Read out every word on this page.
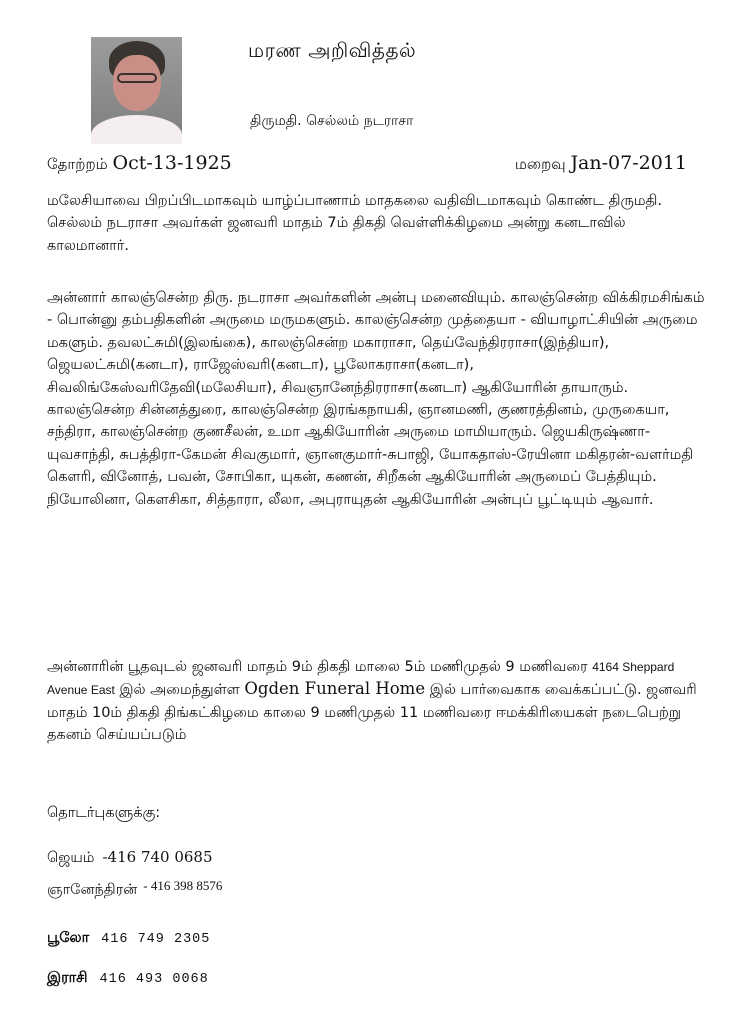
மரண அறிவித்தல்
திருமதி. செல்லம் நடராசா
தோற்றம் Oct-13-1925	மறைவு Jan-07-2011

மலேசியாவை பிறப்பிடமாகவும் யாழ்ப்பாணாம் மாதகலை வதிவிடமாகவும் கொண்ட திருமதி. செல்லம் நடராசா அவர்கள் ஜனவரி மாதம் 7ம் திகதி வெள்ளிக்கிழமை அன்று கனடாவில் காலமானார்.

அன்னார் காலஞ்சென்ற திரு. நடராசா அவர்களின் அன்பு மனைவியும். காலஞ்சென்ற விக்கிரமசிங்கம் - பொன்னு தம்பதிகளின் அருமை மருமகளும். காலஞ்சென்ற முத்தையா - வியாழாட்சியின் அருமை மகளும். தவலட்சுமி(இலங்கை), காலஞ்சென்ற மகாராசா, தெய்வேந்திரராசா(இந்தியா), ஜெயலட்சுமி(கனடா), ராஜேஸ்வரி(கனடா), பூலோகராசா(கனடா), சிவலிங்கேஸ்வரிதேவி(மலேசியா), சிவஞானேந்திரராசா(கனடா) ஆகியோரின் தாயாரும். காலஞ்சென்ற சின்னத்துரை, காலஞ்சென்ற இரங்கநாயகி, ஞானமணி, குணரத்தினம், முருகையா, சந்திரா, காலஞ்சென்ற குணசீலன், உமா ஆகியோரின் அருமை மாமியாரும். ஜெயகிருஷ்ணா-யுவசாந்தி, சுபத்திரா-கேமன் சிவகுமார், ஞானகுமார்-சுபாஜி, யோகதாஸ்-ரேயினா மகிதரன்-வளர்மதி கௌரி, வினோத், பவன், சோபிகா, யுகன், கணன், சிறீகன் ஆகியோரின் அருமைப் பேத்தியும். நியோலினா, கௌசிகா, சித்தாரா, லீலா, அபுராயுதன் ஆகியோரின் அன்புப் பூட்டியும் ஆவார்.

அன்னாரின் பூதவுடல் ஜனவரி மாதம் 9ம் திகதி மாலை 5ம் மணிமுதல் 9 மணிவரை 4164 Sheppard Avenue East இல் அமைந்துள்ள Ogden Funeral Home இல் பார்வைகாக வைக்கப்பட்டு. ஜனவரி மாதம் 10ம் திகதி திங்கட்கிழமை காலை 9 மணிமுதல் 11 மணிவரை ஈமக்கிரியைகள் நடைபெற்று தகனம் செய்யப்படும்

தொடர்புகளுக்கு:
ஜெயம் -416 740 0685
ஞானேந்திரன் - 416 398 8576
பூலோ 416 749 2305
இராசி 416 493 0068
